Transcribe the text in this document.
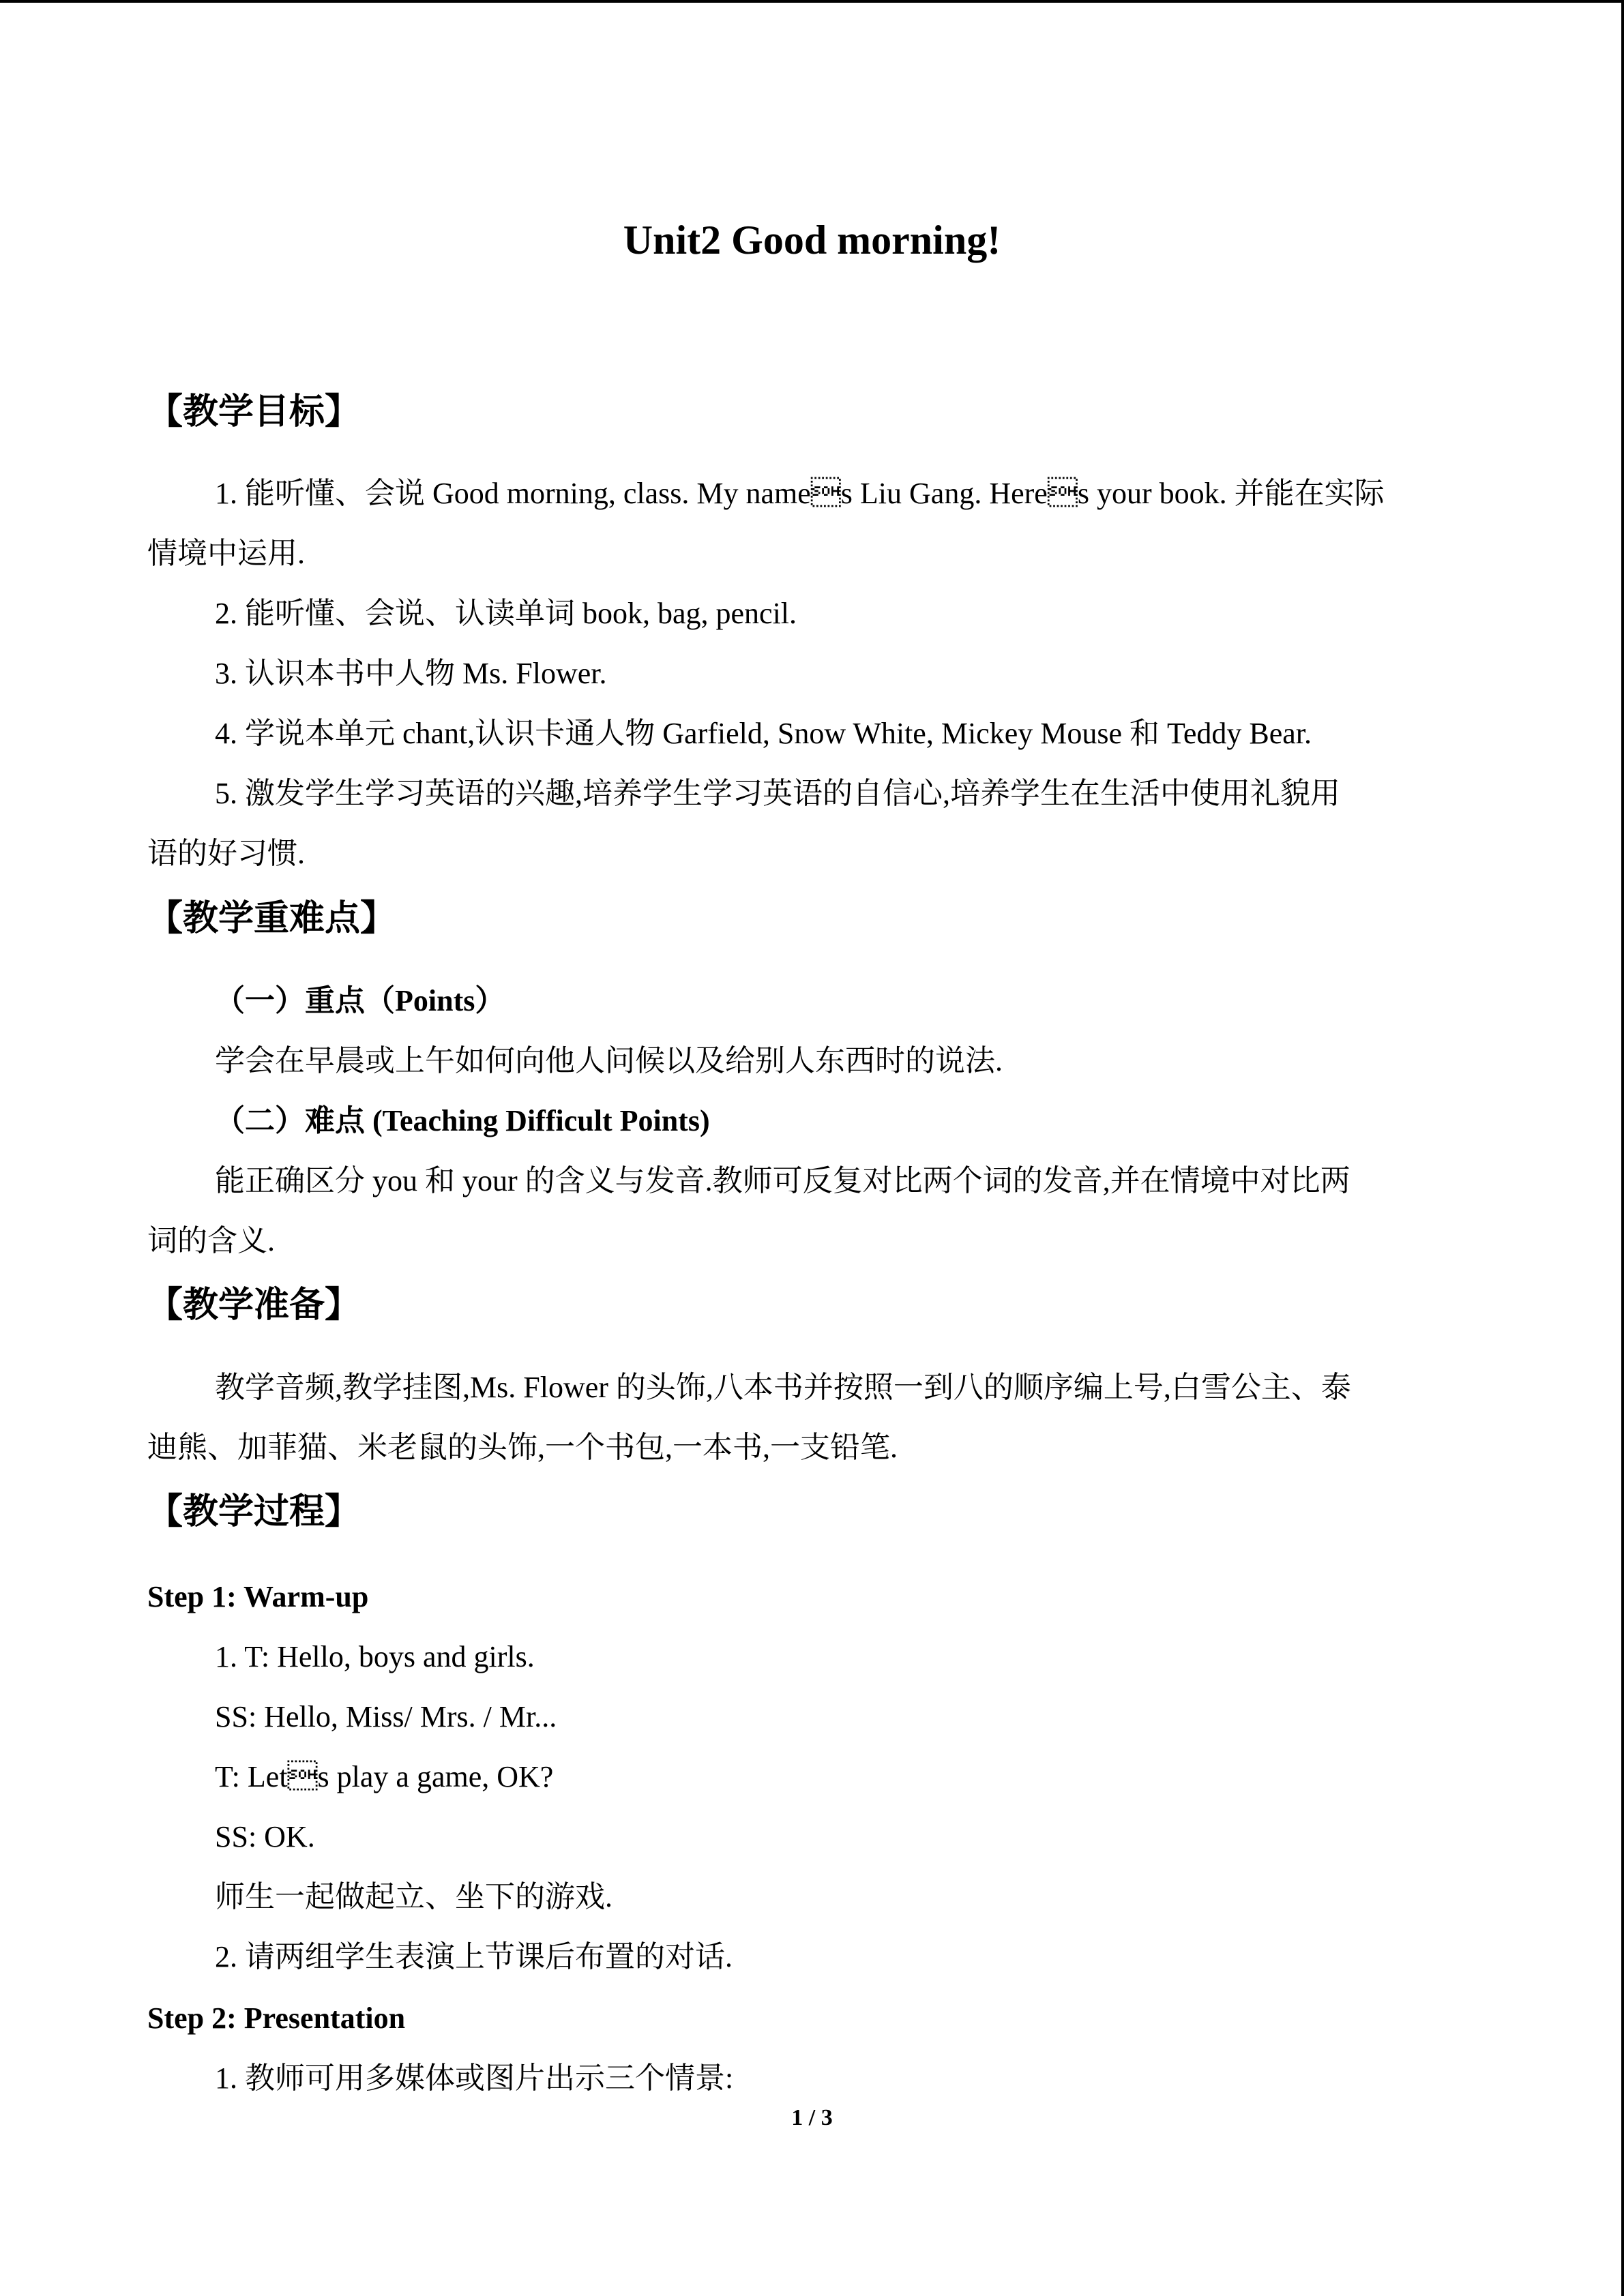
Unit2 Good morning!
【教学目标】

1. 能听懂、会说 Good morning, class. My names Liu Gang. Heres your book. 并能在实际

情境中运用.

2. 能听懂、会说、认读单词 book, bag, pencil.

3. 认识本书中人物 Ms. Flower.

4. 学说本单元 chant,认识卡通人物 Garfield, Snow White, Mickey Mouse 和 Teddy Bear.

5. 激发学生学习英语的兴趣,培养学生学习英语的自信心,培养学生在生活中使用礼貌用

语的好习惯.

【教学重难点】

（一）重点（Points）

学会在早晨或上午如何向他人问候以及给别人东西时的说法.

（二）难点 (Teaching Difficult Points)

能正确区分 you 和 your 的含义与发音.教师可反复对比两个词的发音,并在情境中对比两

词的含义.

【教学准备】

教学音频,教学挂图,Ms. Flower 的头饰,八本书并按照一到八的顺序编上号,白雪公主、泰

迪熊、加菲猫、米老鼠的头饰,一个书包,一本书,一支铅笔.

【教学过程】

Step 1: Warm-up

1. T: Hello, boys and girls.

SS: Hello, Miss/ Mrs. / Mr...

T: Lets play a game, OK?

SS: OK.

师生一起做起立、坐下的游戏.

2. 请两组学生表演上节课后布置的对话.

Step 2: Presentation

1. 教师可用多媒体或图片出示三个情景:

1 / 3
